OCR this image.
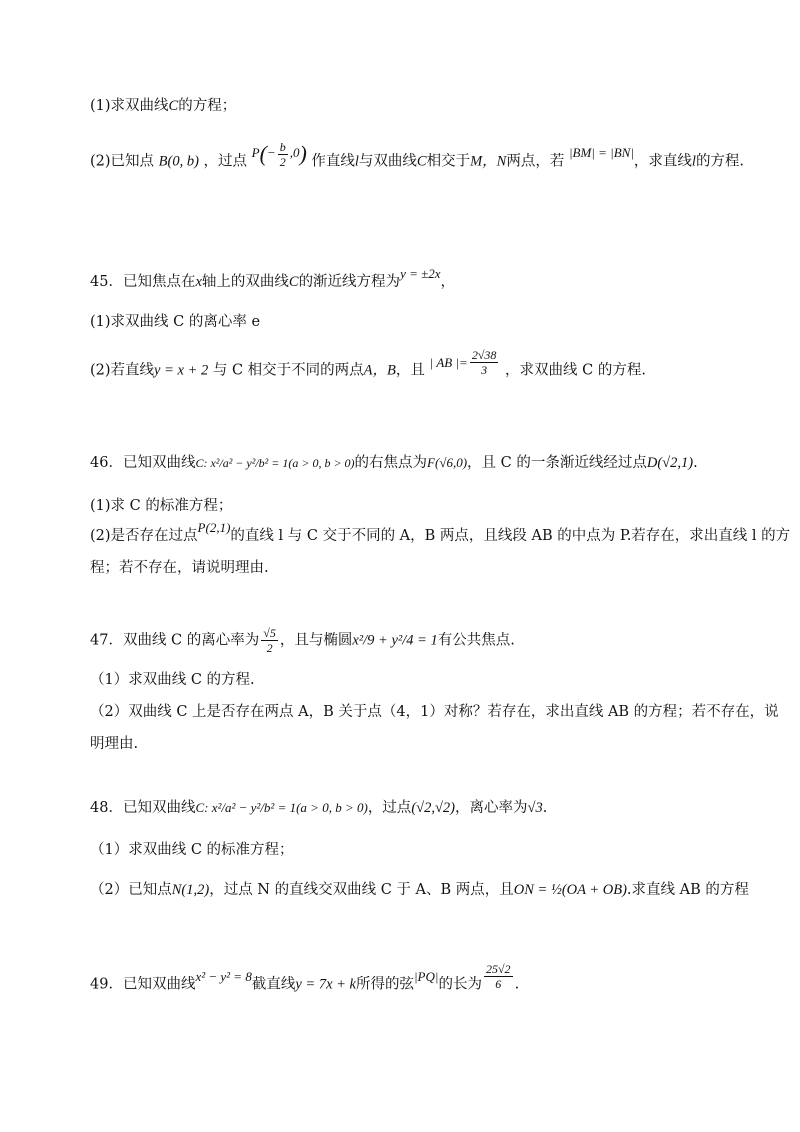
(1)求双曲线C的方程；
(2)已知点 B(0, b) ，过点 $P(- \frac{b}{2} ,0)$ 作直线l与双曲线C相交于M，N两点，若 |BM| = |BN|，求直线l的方程.
45．已知焦点在x轴上的双曲线C的渐近线方程为y = ±2x，
(1)求双曲线 C 的离心率 e
(2)若直线y = x + 2 与 C 相交于不同的两点A，B，且 | AB |= $\frac{2√38}{3}$ ，求双曲线 C 的方程.
46．已知双曲线C: x²/a² − y²/b² = 1(a > 0, b > 0)的右焦点为F(√6,0)，且 C 的一条渐近线经过点D(√2,1).
(1)求 C 的标准方程；
(2)是否存在过点P(2,1)的直线 l 与 C 交于不同的 A，B 两点，且线段 AB 的中点为 P.若存在，求出直线 l 的方
程；若不存在，请说明理由.
47．双曲线 C 的离心率为 $\frac{√5}{2}$ ，且与椭圆x²/9 + y²/4 = 1有公共焦点.
（1）求双曲线 C 的方程.
（2）双曲线 C 上是否存在两点 A，B 关于点（4，1）对称？若存在，求出直线 AB 的方程；若不存在，说
明理由.
48．已知双曲线C: x²/a² − y²/b² = 1(a > 0, b > 0)，过点(√2,√2)，离心率为√3.
（1）求双曲线 C 的标准方程；
（2）已知点N(1,2)，过点 N 的直线交双曲线 C 于 A、B 两点，且ON = ½(OA + OB).求直线 AB 的方程
49．已知双曲线x² − y² = 8截直线y = 7x + k所得的弦|PQ|的长为 $\frac{25√2}{6}$ .
